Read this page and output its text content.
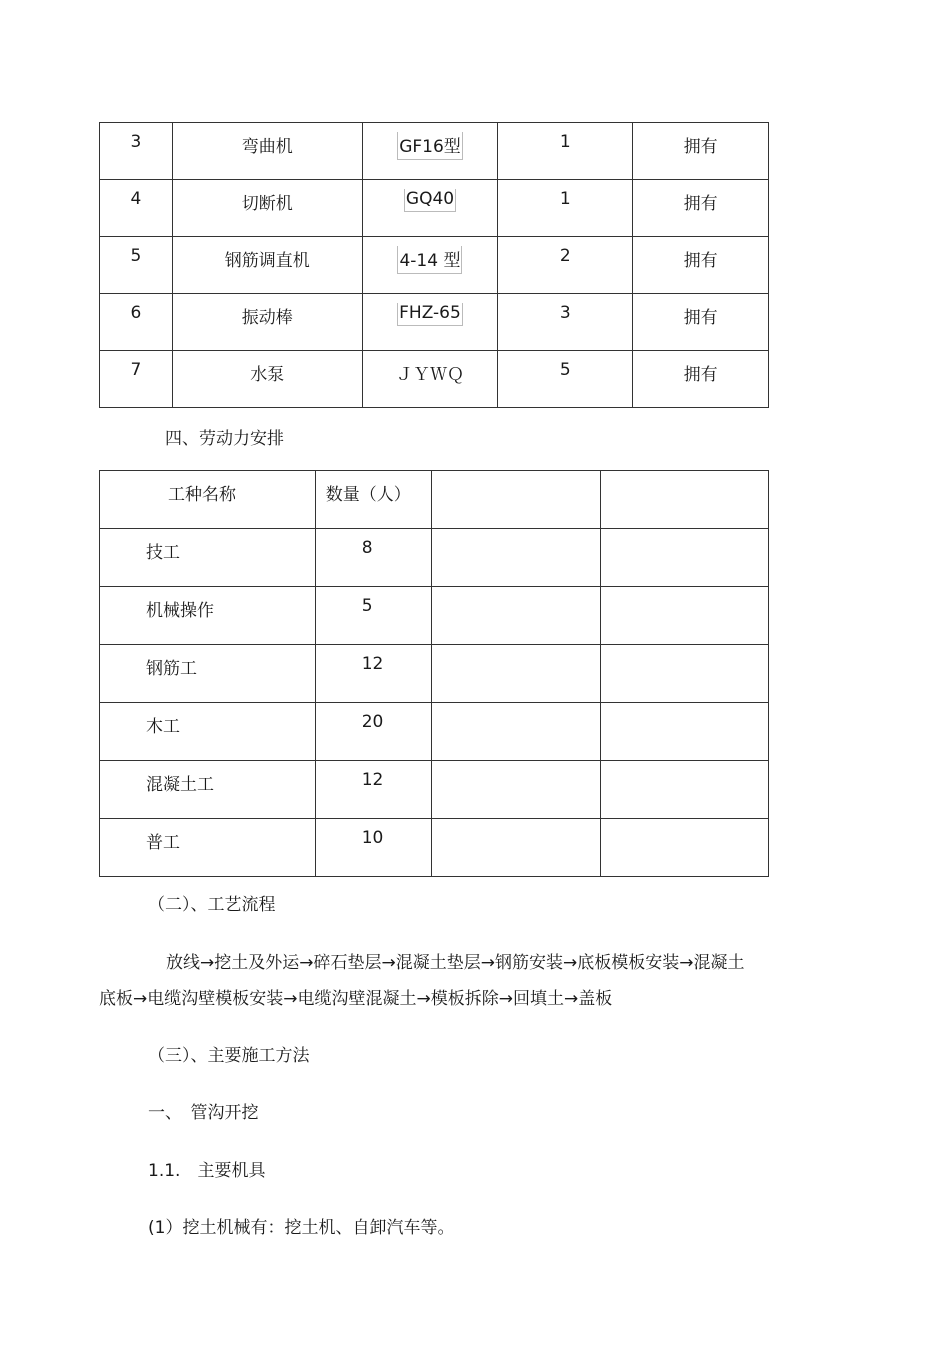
3	弯曲机	GF16型	1	拥有
4	切断机	GQ40	1	拥有
5	钢筋调直机	4-14 型	2	拥有
6	振动棒	FHZ-65	3	拥有
7	水泵	ＪＹＷＱ	5	拥有
四、劳动力安排
工种名称	数量（人）		
技工	8		
机械操作	5		
钢筋工	12		
木工	20		
混凝土工	12		
普工	10		
（二）、工艺流程
放线→挖土及外运→碎石垫层→混凝土垫层→钢筋安装→底板模板安装→混凝土
底板→电缆沟壁模板安装→电缆沟壁混凝土→模板拆除→回填土→盖板
（三）、主要施工方法
一、　管沟开挖
1.1.　主要机具
(1）挖土机械有：挖土机、自卸汽车等。
